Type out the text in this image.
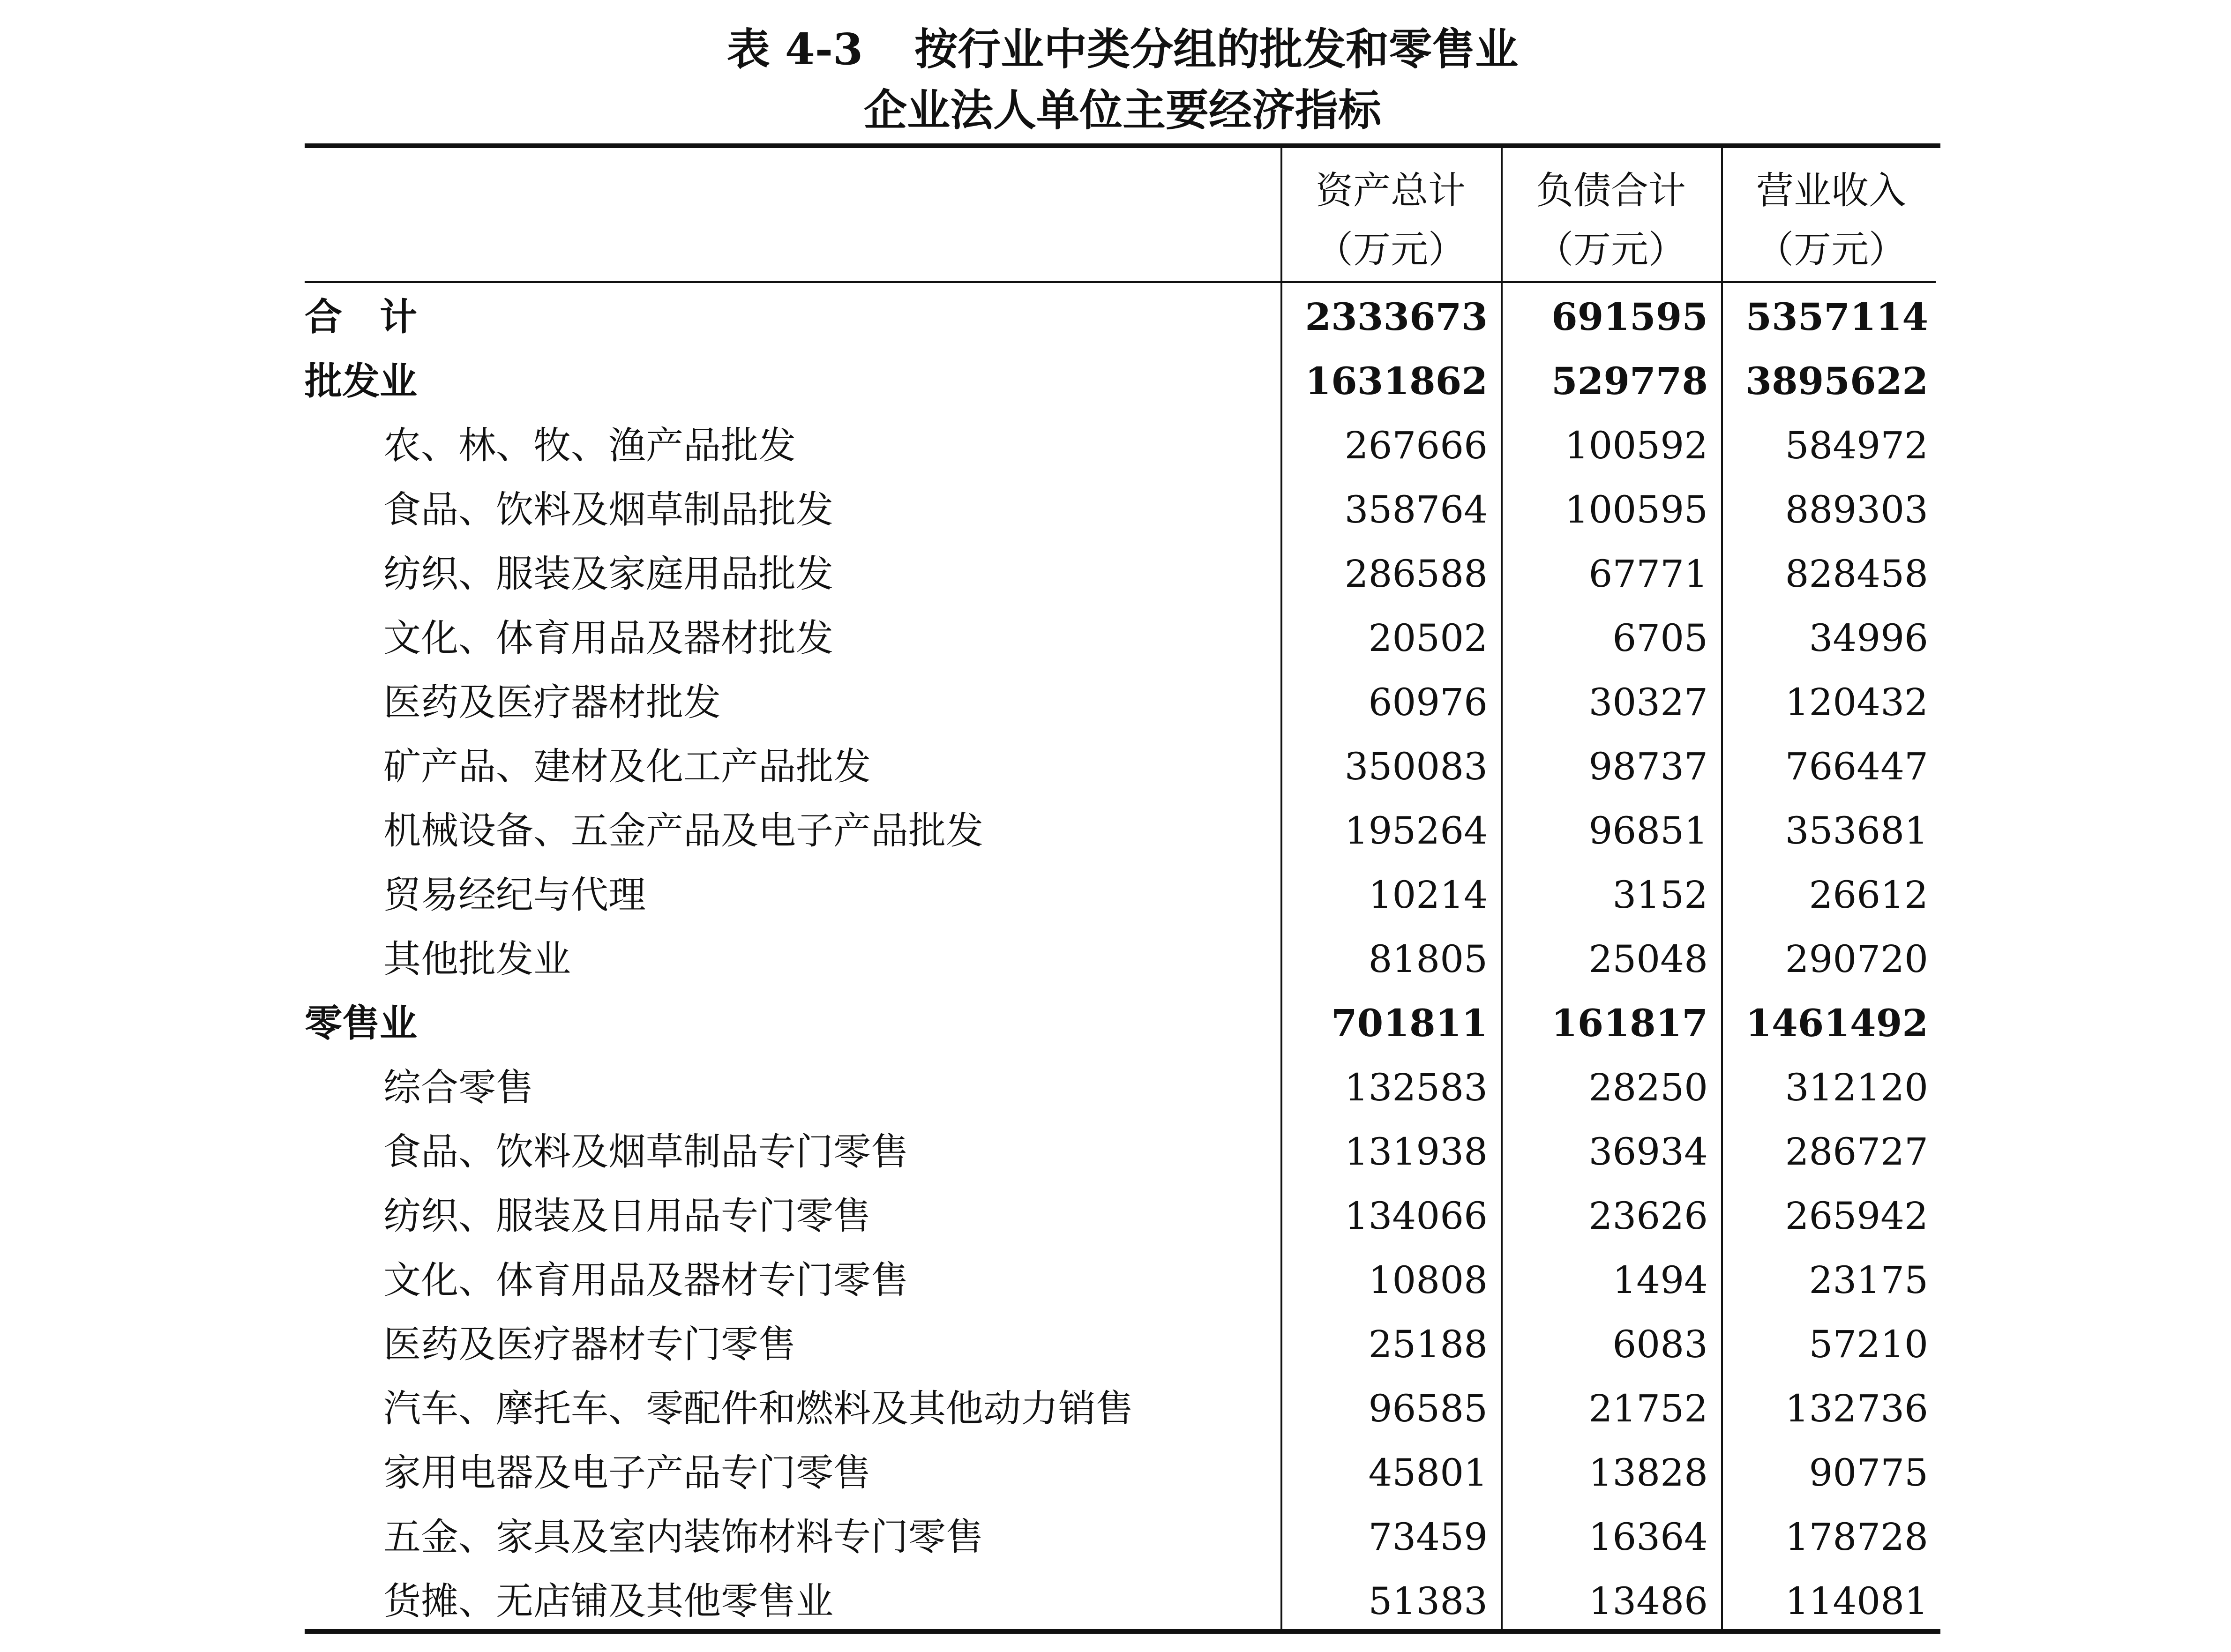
表 4-3 按行业中类分组的批发和零售业
企业法人单位主要经济指标
资产总计
（万元）
负债合计
（万元）
营业收入
（万元）
合计	2333673	691595	5357114
批发业	1631862	529778	3895622
农、林、牧、渔产品批发	267666	100592	584972
食品、饮料及烟草制品批发	358764	100595	889303
纺织、服装及家庭用品批发	286588	67771	828458
文化、体育用品及器材批发	20502	6705	34996
医药及医疗器材批发	60976	30327	120432
矿产品、建材及化工产品批发	350083	98737	766447
机械设备、五金产品及电子产品批发	195264	96851	353681
贸易经纪与代理	10214	3152	26612
其他批发业	81805	25048	290720
零售业	701811	161817	1461492
综合零售	132583	28250	312120
食品、饮料及烟草制品专门零售	131938	36934	286727
纺织、服装及日用品专门零售	134066	23626	265942
文化、体育用品及器材专门零售	10808	1494	23175
医药及医疗器材专门零售	25188	6083	57210
汽车、摩托车、零配件和燃料及其他动力销售	96585	21752	132736
家用电器及电子产品专门零售	45801	13828	90775
五金、家具及室内装饰材料专门零售	73459	16364	178728
货摊、无店铺及其他零售业	51383	13486	114081
